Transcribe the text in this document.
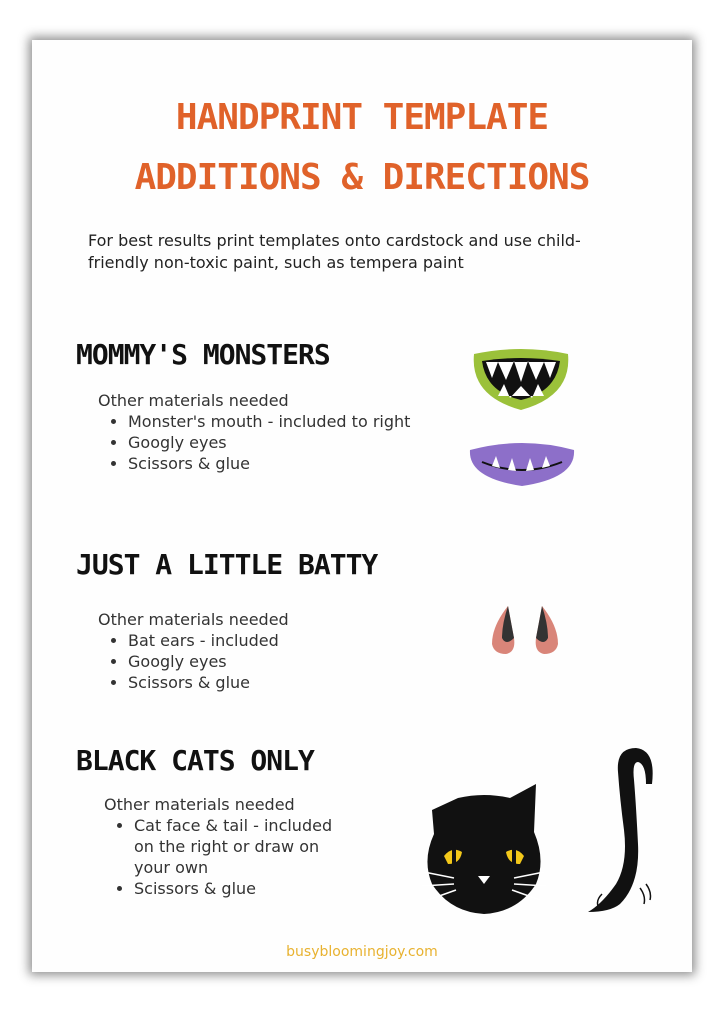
HANDPRINT TEMPLATE
ADDITIONS & DIRECTIONS
For best results print templates onto cardstock and use child-friendly non-toxic paint, such as tempera paint
MOMMY'S MONSTERS
Other materials needed
• Monster's mouth - included to right
• Googly eyes
• Scissors & glue
JUST A LITTLE BATTY
Other materials needed
• Bat ears - included
• Googly eyes
• Scissors & glue
BLACK CATS ONLY
Other materials needed
• Cat face & tail - included on the right or draw on your own
• Scissors & glue
busybloomingjoy.com
